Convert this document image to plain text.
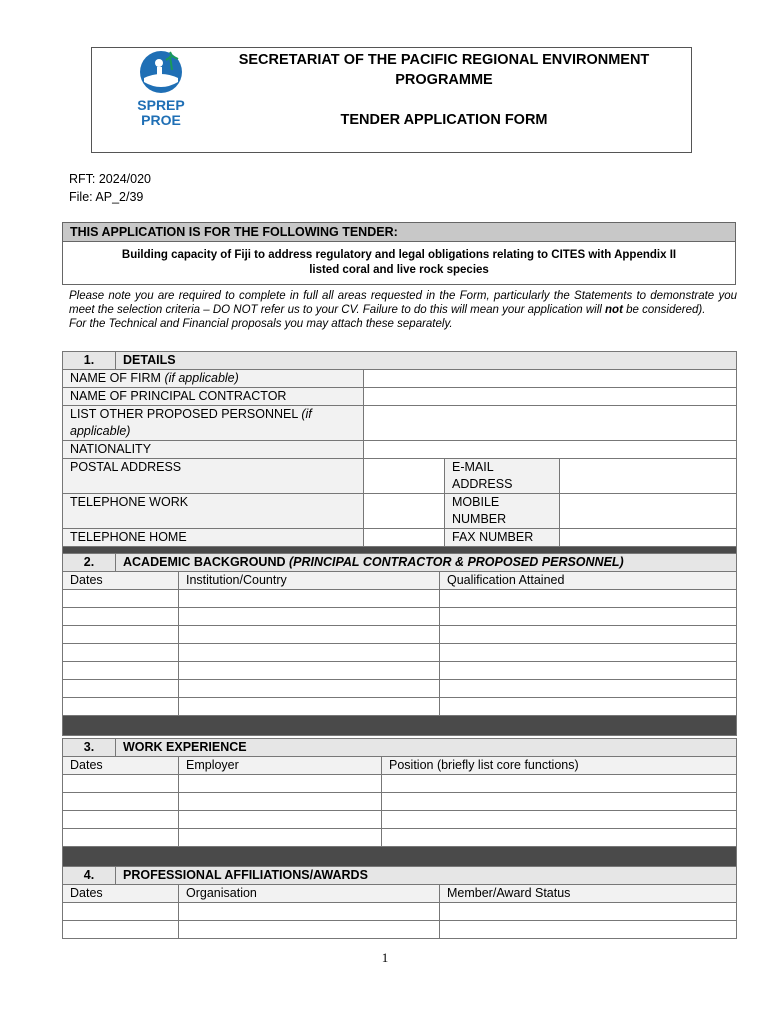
SPREP
PROE
SECRETARIAT OF THE PACIFIC REGIONAL ENVIRONMENT PROGRAMME
TENDER APPLICATION FORM
RFT: 2024/020
File: AP_2/39
THIS APPLICATION IS FOR THE FOLLOWING TENDER:
Building capacity of Fiji to address regulatory and legal obligations relating to CITES with Appendix II
listed coral and live rock species
Please note you are required to complete in full all areas requested in the Form, particularly the Statements to demonstrate you meet the selection criteria – DO NOT refer us to your CV. Failure to do this will mean your application will not be considered).
For the Technical and Financial proposals you may attach these separately.
1.	DETAILS			
NAME OF FIRM (if applicable)				
NAME OF PRINCIPAL CONTRACTOR				
LIST OTHER PROPOSED PERSONNEL (if applicable)				
NATIONALITY				
POSTAL ADDRESS			E-MAIL ADDRESS	
TELEPHONE WORK			MOBILE NUMBER	
TELEPHONE HOME			FAX NUMBER	

2.	ACADEMIC BACKGROUND (PRINCIPAL CONTRACTOR & PROPOSED PERSONNEL)		
Dates		Institution/Country	Qualification Attained

3.	WORK EXPERIENCE		
Dates		Employer	Position (briefly list core functions)

4.	PROFESSIONAL AFFILIATIONS/AWARDS		
Dates		Organisation	Member/Award Status

1
